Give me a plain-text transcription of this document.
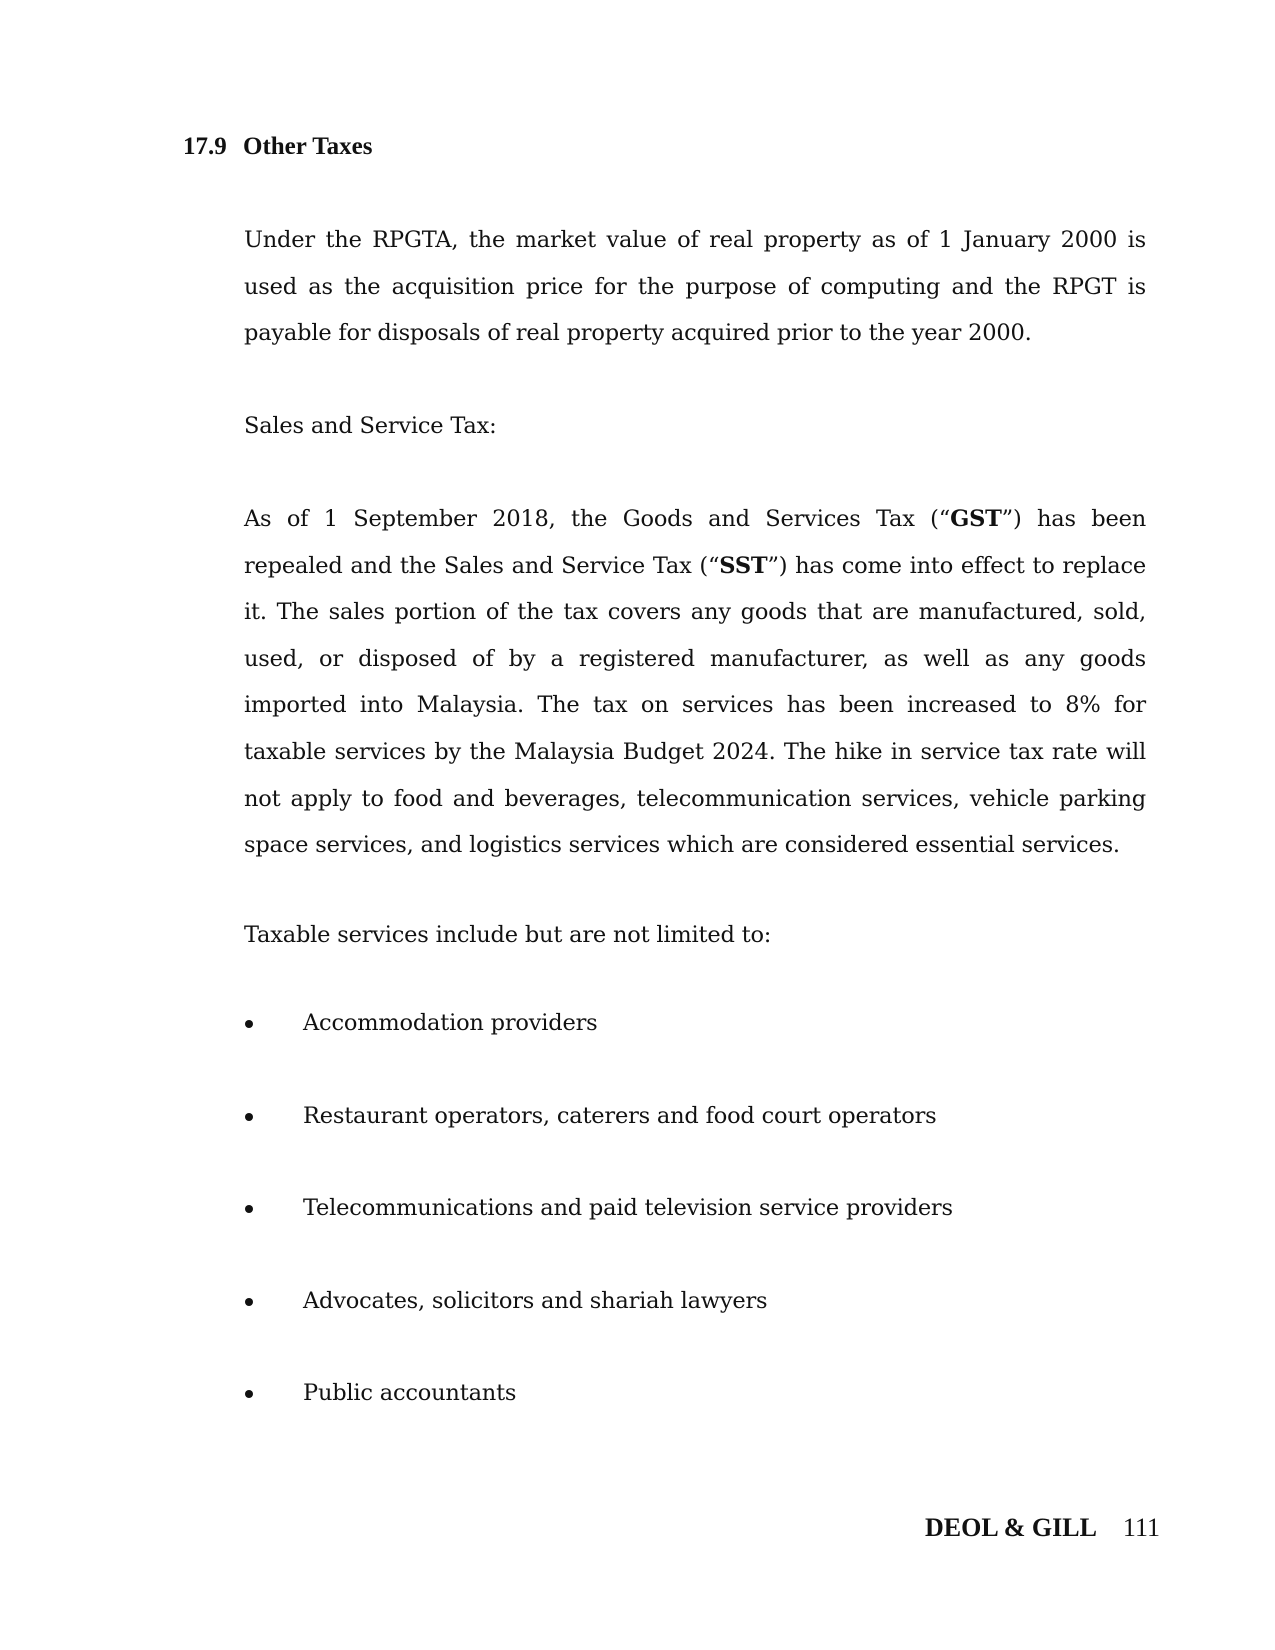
17.9 Other Taxes
Under the RPGTA, the market value of real property as of 1 January 2000 is used as the acquisition price for the purpose of computing and the RPGT is payable for disposals of real property acquired prior to the year 2000.
Sales and Service Tax:
As of 1 September 2018, the Goods and Services Tax (“GST”) has been repealed and the Sales and Service Tax (“SST”) has come into effect to replace it. The sales portion of the tax covers any goods that are manufactured, sold, used, or disposed of by a registered manufacturer, as well as any goods imported into Malaysia. The tax on services has been increased to 8% for taxable services by the Malaysia Budget 2024. The hike in service tax rate will not apply to food and beverages, telecommunication services, vehicle parking space services, and logistics services which are considered essential services.
Taxable services include but are not limited to:
Accommodation providers
Restaurant operators, caterers and food court operators
Telecommunications and paid television service providers
Advocates, solicitors and shariah lawyers
Public accountants
DEOL & GILL 111
